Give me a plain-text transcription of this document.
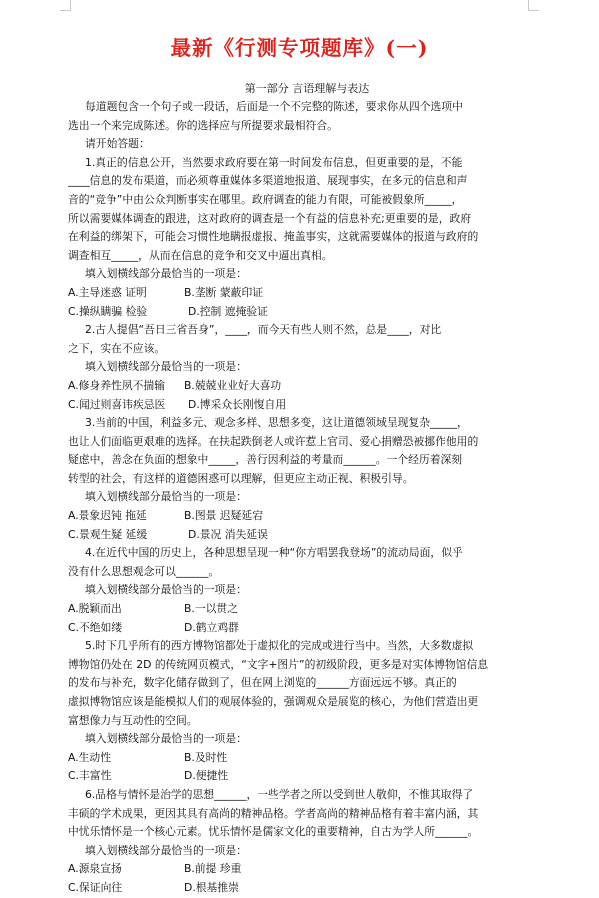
最新《行测专项题库》(一)
第一部分 言语理解与表达
每道题包含一个句子或一段话，后面是一个不完整的陈述，要求你从四个选项中
选出一个来完成陈述。你的选择应与所提要求最相符合。
请开始答题：
1.真正的信息公开，当然要求政府要在第一时间发布信息，但更重要的是，不能
____信息的发布渠道，而必须尊重媒体多渠道地报道、展现事实，在多元的信息和声
音的“竞争”中由公众判断事实在哪里。政府调查的能力有限，可能被假象所_____，
所以需要媒体调查的跟进，这对政府的调查是一个有益的信息补充;更重要的是，政府
在利益的绑架下，可能会习惯性地瞒报虚报、掩盖事实，这就需要媒体的报道与政府的
调查相互_____，从而在信息的竞争和交叉中逼出真相。
填入划横线部分最恰当的一项是：
A.主导迷惑 证明	B.垄断 蒙蔽印证
C.操纵瞒骗 检验	D.控制 遮掩验证
2.古人提倡“吾日三省吾身”，____，而今天有些人则不然，总是____，对比
之下，实在不应该。
填入划横线部分最恰当的一项是：
A.修身养性夙不揣输 B.兢兢业业好大喜功
C.闻过则喜讳疾忌医 D.博采众长刚愎自用
3.当前的中国，利益多元、观念多样、思想多变，这让道德领域呈现复杂_____，
也让人们面临更艰难的选择。在扶起跌倒老人或许惹上官司、爱心捐赠恐被挪作他用的
疑虑中，善念在负面的想象中_____，善行因利益的考量而______。一个经历着深刻
转型的社会，有这样的道德困惑可以理解，但更应主动正视、积极引导。
填入划横线部分最恰当的一项是：
A.景象迟钝 拖延	B.图景 迟疑延宕
C.景观生疑 延缓	D.景况 消失延误
4.在近代中国的历史上，各种思想呈现一种“你方唱罢我登场”的流动局面，似乎
没有什么思想观念可以______。
填入划横线部分最恰当的一项是：
A.脱颖而出	B.一以贯之
C.不绝如缕	D.鹤立鸡群
5.时下几乎所有的西方博物馆都处于虚拟化的完成或进行当中。当然，大多数虚拟
博物馆仍处在 2D 的传统网页模式，“文字+图片”的初级阶段，更多是对实体博物馆信息
的发布与补充，数字化储存做到了，但在网上浏览的______方面远远不够。真正的
虚拟博物馆应该是能模拟人们的观展体验的，强调观众是展览的核心，为他们营造出更
富想像力与互动性的空间。
填入划横线部分最恰当的一项是：
A.生动性	B.及时性
C.丰富性	D.便捷性
6.品格与情怀是治学的思想______，一些学者之所以受到世人敬仰，不惟其取得了
丰硕的学术成果，更因其具有高尚的精神品格。学者高尚的精神品格有着丰富内涵，其
中忧乐情怀是一个核心元素。忧乐情怀是儒家文化的重要精神，自古为学人所______。
填入划横线部分最恰当的一项是：
A.源泉宣扬	B.前提 珍重
C.保证向往	D.根基推崇
